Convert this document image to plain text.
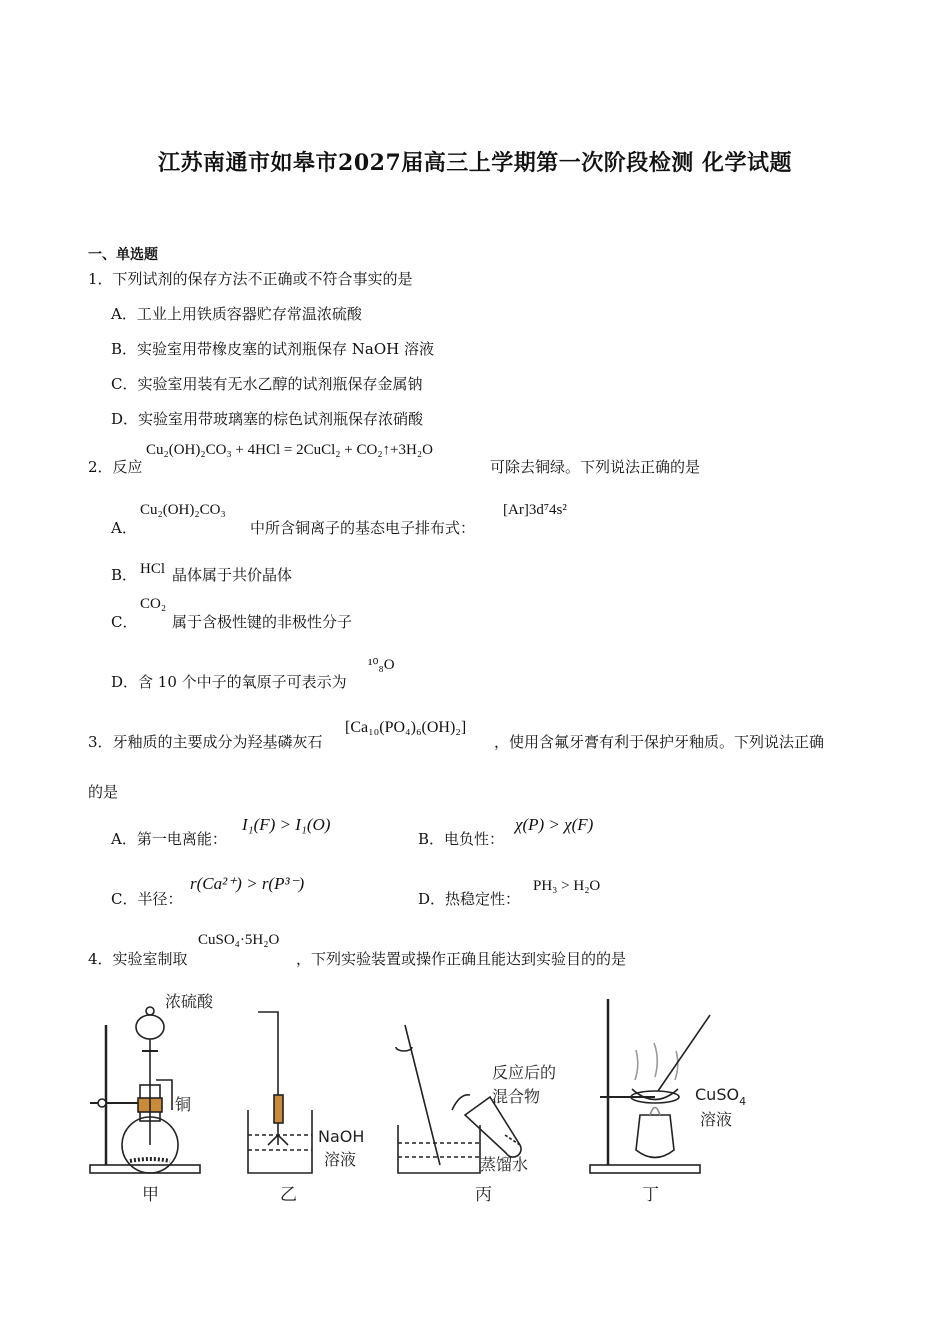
江苏南通市如皋市2027届高三上学期第一次阶段检测 化学试题
一、单选题
1．下列试剂的保存方法不正确或不符合事实的是
A．工业上用铁质容器贮存常温浓硫酸
B．实验室用带橡皮塞的试剂瓶保存 NaOH 溶液
C．实验室用装有无水乙醇的试剂瓶保存金属钠
D．实验室用带玻璃塞的棕色试剂瓶保存浓硝酸
2．反应
Cu₂(OH)₂CO₃ + 4HCl = 2CuCl₂ + CO₂↑+3H₂O
可除去铜绿。下列说法正确的是
A．
Cu₂(OH)₂CO₃
中所含铜离子的基态电子排布式：
[Ar]3d⁷4s²
B． HCl 晶体属于共价晶体
C．
CO₂
属于含极性键的非极性分子
D．含 10 个中子的氧原子可表示为
¹⁰₈O
3．牙釉质的主要成分为羟基磷灰石
[Ca₁₀(PO₄)₆(OH)₂]
，使用含氟牙膏有利于保护牙釉质。下列说法正确
的是
A．第一电离能：
I₁(F) > I₁(O)
B．电负性：
χ(P) > χ(F)
C．半径：
r(Ca²⁺) > r(P³⁻)
D．热稳定性：
PH₃ > H₂O
4．实验室制取
CuSO₄·5H₂O
，下列实验装置或操作正确且能达到实验目的的是
浓硫酸
铜
甲
NaOH
溶液
乙
反应后的
混合物
蒸馏水
丙
CuSO$_4$
溶液
丁
